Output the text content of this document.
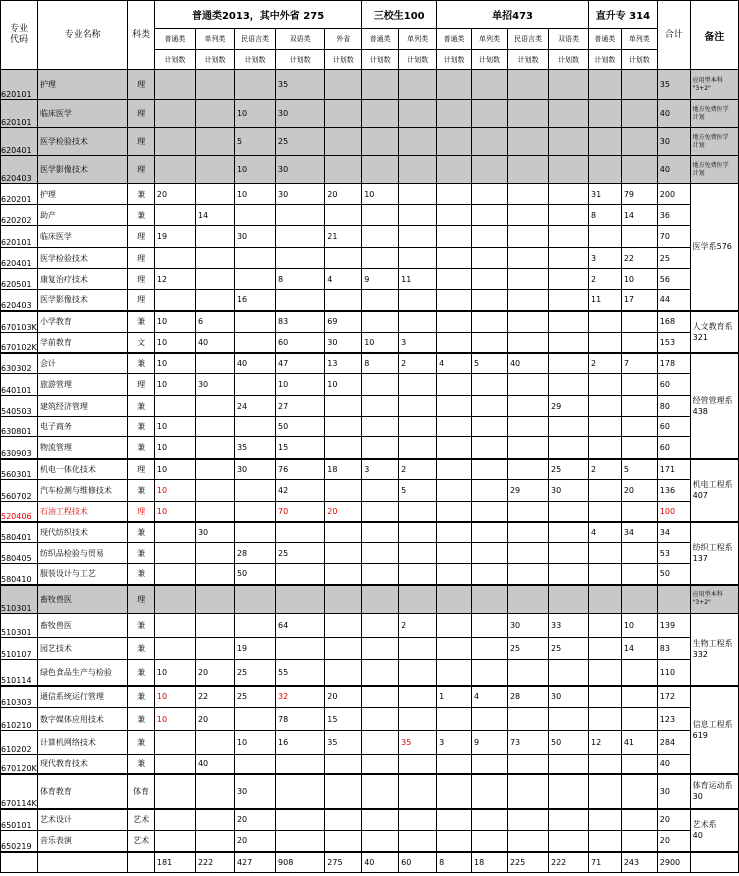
专业
代码	专业名称	科类	普通类2013，其中外省 275					三校生100		单招473				直升专 314		合计	备注
			普通类	单列类	民语言类	双语类	外省	普通类	单列类	普通类	单列类	民语言类	双语类	普通类	单列类		
			计划数	计划数	计划数	计划数	计划数	计划数	计划数	计划数	计划数	计划数	计划数	计划数	计划数		
620101	护理	理				35										35	应用型本科
"3+2"
620101	临床医学	理			10	30										40	地方免费医学
计划
620401	医学检验技术	理			5	25										30	地方免费医学
计划
620403	医学影像技术	理			10	30										40	地方免费医学
计划
620201	护理	兼	20		10	30	20	10						31	79	200	医学系576
620202	助产	兼		14										8	14	36	
620101	临床医学	理	19		30		21									70	
620401	医学检验技术	理												3	22	25	
620501	康复治疗技术	理	12			8	4	9	11					2	10	56	
620403	医学影像技术	理			16									11	17	44	
670103K	小学教育	兼	10	6		83	69									168	人文教育系
321
670102K	学前教育	文	10	40		60	30	10	3							153	
630302	会计	兼	10		40	47	13	8	2	4	5	40		2	7	178	经管管理系
438
640101	旅游管理	理	10	30		10	10									60	
540503	建筑经济管理	兼			24	27							29			80	
630801	电子商务	兼	10			50										60	
630903	物流管理	兼	10		35	15										60	
560301	机电一体化技术	理	10		30	76	18	3	2				25	2	5	171	机电工程系
407
560702	汽车检测与维修技术	兼	10			42			5			29	30		20	136	
520406	石油工程技术	理	10			70	20									100	
580401	现代纺织技术	兼		30										4	34	34	纺织工程系
137
580405	纺织品检验与贸易	兼			28	25										53	
580410	服装设计与工艺	兼			50											50	
510301	畜牧兽医	理															应用型本科
"3+2"
510301	畜牧兽医	兼				64			2			30	33		10	139	生物工程系
332
510107	园艺技术	兼			19							25	25		14	83	
510114	绿色食品生产与检验	兼	10	20	25	55										110	
610303	通信系统运行管理	兼	10	22	25	32	20			1	4	28	30			172	信息工程系
619
610210	数字媒体应用技术	兼	10	20		78	15									123	
610202	计算机网络技术	兼			10	16	35		35	3	9	73	50	12	41	284	
670120K	现代教育技术	兼		40												40	
670114K	体育教育	体育			30											30	体育运动系
30
650101	艺术设计	艺术			20											20	艺术系
40
650219	音乐表演	艺术			20											20	
			181	222	427	908	275	40	60	8	18	225	222	71	243	2900	
